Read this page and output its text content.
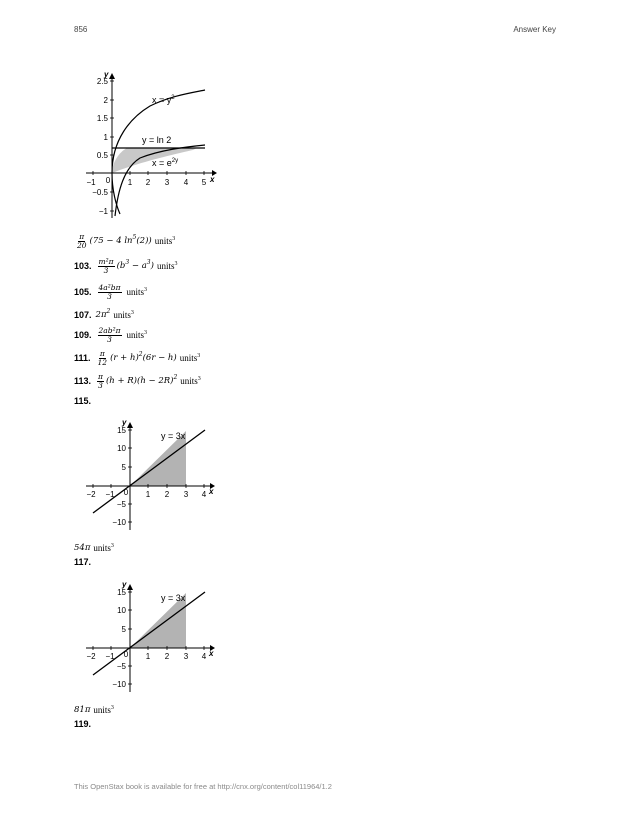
856	Answer Key
−1 0 1 2 3 4 5
2.5
2
1.5
1
0.5
−0.5
−1
x
y
$x = y^2$
y = ln 2
$x = e^{2y}$
$\frac{\pi}{20} (75 - 4$ $\ln^5(2)$) units$^3$
103. $\frac{\text{m²π}}{3} (b^3 - a^3)$ units$^3$
105. $\frac{\text{4a²bπ}}{3}$ units$^3$
107. $2\pi^2$ units$^3$
109. $\frac{\text{2ab²π}}{3}$ units$^3$
111. $\frac{\pi}{12} (r + h)^2(6r - h)$ units$^3$
113. $\frac{\pi}{3} (h + R)(h - 2R)^2$ units$^3$
115.
−2 −1 0 1 2 3 4
15
10
5
−5
−10
x
y
y = 3x
54π units$^3$
117.
−2 −1 0 1 2 3 4
15
10
5
−5
−10
x
y
y = 3x
81π units$^3$
119.
This OpenStax book is available for free at http://cnx.org/content/col11964/1.2
